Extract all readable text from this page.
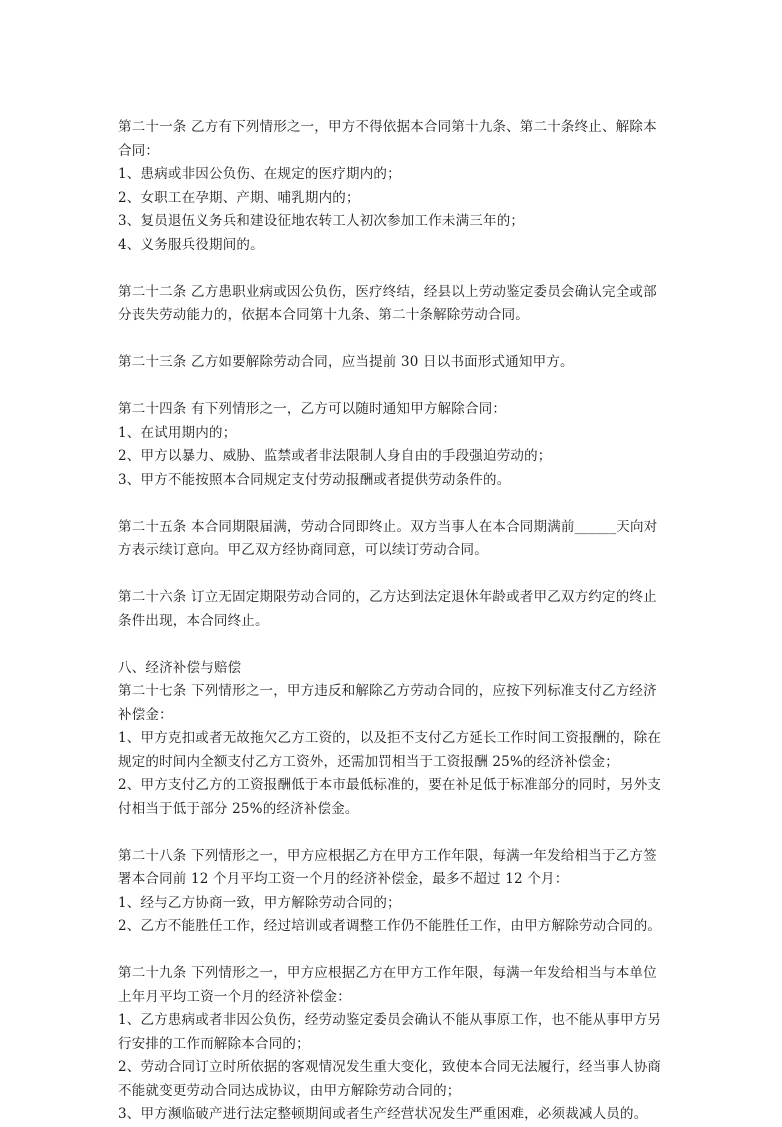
第二十一条 乙方有下列情形之一，甲方不得依据本合同第十九条、第二十条终止、解除本
合同：
1、患病或非因公负伤、在规定的医疗期内的；
2、女职工在孕期、产期、哺乳期内的；
3、复员退伍义务兵和建设征地农转工人初次参加工作未满三年的；
4、义务服兵役期间的。
第二十二条 乙方患职业病或因公负伤，医疗终结，经县以上劳动鉴定委员会确认完全或部
分丧失劳动能力的，依据本合同第十九条、第二十条解除劳动合同。
第二十三条 乙方如要解除劳动合同，应当提前 30 日以书面形式通知甲方。
第二十四条 有下列情形之一，乙方可以随时通知甲方解除合同：
1、在试用期内的；
2、甲方以暴力、威胁、监禁或者非法限制人身自由的手段强迫劳动的；
3、甲方不能按照本合同规定支付劳动报酬或者提供劳动条件的。
第二十五条 本合同期限届满，劳动合同即终止。双方当事人在本合同期满前______天向对
方表示续订意向。甲乙双方经协商同意，可以续订劳动合同。
第二十六条 订立无固定期限劳动合同的，乙方达到法定退休年龄或者甲乙双方约定的终止
条件出现，本合同终止。
八、经济补偿与赔偿
第二十七条 下列情形之一，甲方违反和解除乙方劳动合同的，应按下列标准支付乙方经济
补偿金：
1、甲方克扣或者无故拖欠乙方工资的，以及拒不支付乙方延长工作时间工资报酬的，除在
规定的时间内全额支付乙方工资外，还需加罚相当于工资报酬 25%的经济补偿金；
2、甲方支付乙方的工资报酬低于本市最低标准的，要在补足低于标准部分的同时，另外支
付相当于低于部分 25%的经济补偿金。
第二十八条 下列情形之一，甲方应根据乙方在甲方工作年限，每满一年发给相当于乙方签
署本合同前 12 个月平均工资一个月的经济补偿金，最多不超过 12 个月：
1、经与乙方协商一致，甲方解除劳动合同的；
2、乙方不能胜任工作，经过培训或者调整工作仍不能胜任工作，由甲方解除劳动合同的。
第二十九条 下列情形之一，甲方应根据乙方在甲方工作年限，每满一年发给相当与本单位
上年月平均工资一个月的经济补偿金：
1、乙方患病或者非因公负伤，经劳动鉴定委员会确认不能从事原工作，也不能从事甲方另
行安排的工作而解除本合同的；
2、劳动合同订立时所依据的客观情况发生重大变化，致使本合同无法履行，经当事人协商
不能就变更劳动合同达成协议，由甲方解除劳动合同的；
3、甲方濒临破产进行法定整顿期间或者生产经营状况发生严重困难，必须裁减人员的。
